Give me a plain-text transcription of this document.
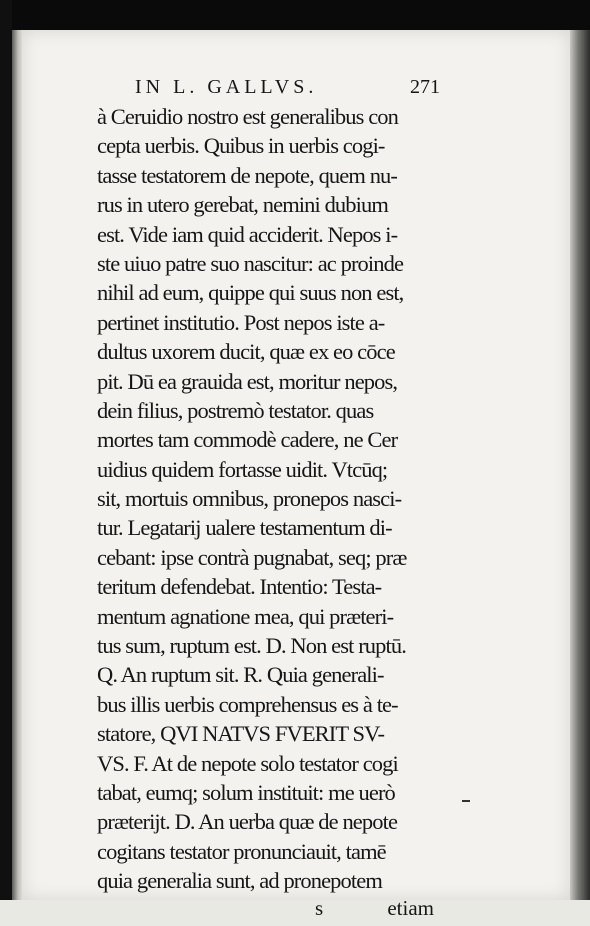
IN L. GALLVS.	271
à Ceruidio nostro est generalibus con
cepta uerbis. Quibus in uerbis cogi-
tasse testatorem de nepote, quem nu-
rus in utero gerebat, nemini dubium
est. Vide iam quid acciderit. Nepos i-
ste uiuo patre suo nascitur: ac proinde
nihil ad eum, quippe qui suus non est,
pertinet institutio. Post nepos iste a-
dultus uxorem ducit, quæ ex eo cōce
pit. Dū ea grauida est, moritur nepos,
dein filius, postremò testator. quas
mortes tam commodè cadere, ne Cer
uidius quidem fortasse uidit. Vtcūq;
sit, mortuis omnibus, pronepos nasci-
tur. Legatarij ualere testamentum di-
cebant: ipse contrà pugnabat, seq; præ
teritum defendebat. Intentio: Testa-
mentum agnatione mea, qui præteri-
tus sum, ruptum est. D. Non est ruptū.
Q. An ruptum sit. R. Quia generali-
bus illis uerbis comprehensus es à te-
statore, QVI NATVS FVERIT SV-
VS. F. At de nepote solo testator cogi
tabat, eumq; solum instituit: me uerò
præterijt. D. An uerba quæ de nepote
cogitans testator pronunciauit, tamē
quia generalia sunt, ad pronepotem
s	etiam
